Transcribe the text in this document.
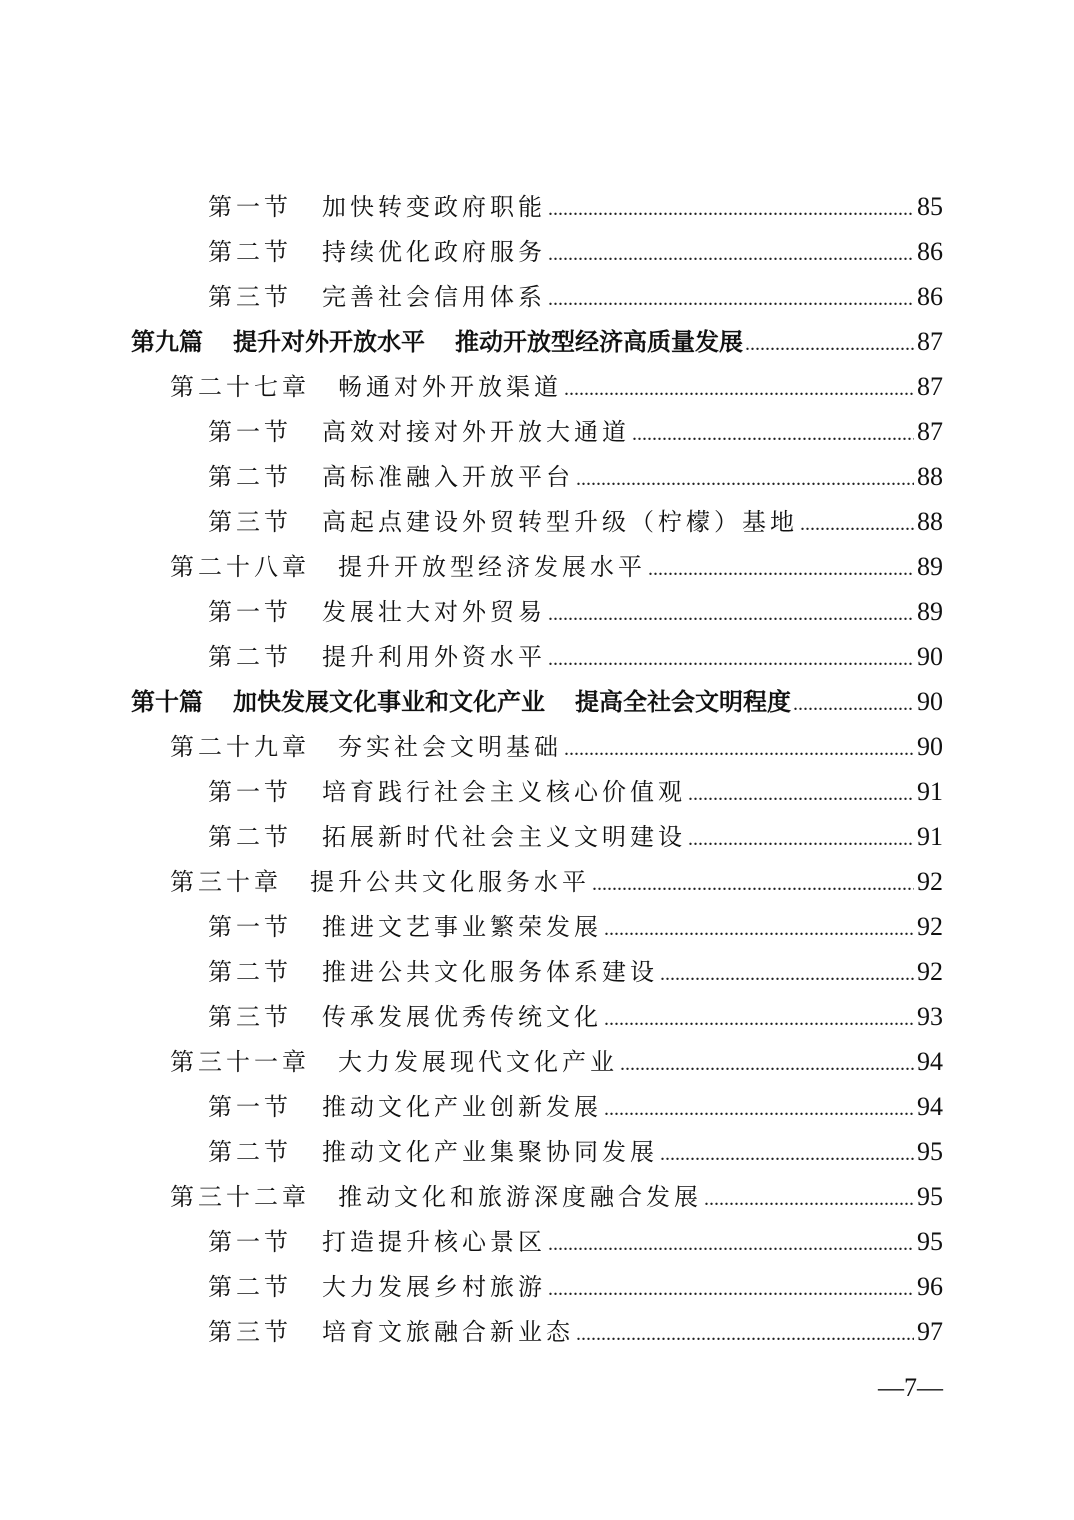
第一节 加快转变政府职能 .....	85
第二节 持续优化政府服务 .....	86
第三节 完善社会信用体系 .....	86
第九篇 提升对外开放水平 推动开放型经济高质量发展 .....	87
第二十七章 畅通对外开放渠道 .....	87
第一节 高效对接对外开放大通道 .....	87
第二节 高标准融入开放平台 .....	88
第三节 高起点建设外贸转型升级（柠檬）基地 .....	88
第二十八章 提升开放型经济发展水平 .....	89
第一节 发展壮大对外贸易 .....	89
第二节 提升利用外资水平 .....	90
第十篇 加快发展文化事业和文化产业 提高全社会文明程度 .....	90
第二十九章 夯实社会文明基础 .....	90
第一节 培育践行社会主义核心价值观 .....	91
第二节 拓展新时代社会主义文明建设 .....	91
第三十章 提升公共文化服务水平 .....	92
第一节 推进文艺事业繁荣发展 .....	92
第二节 推进公共文化服务体系建设 .....	92
第三节 传承发展优秀传统文化 .....	93
第三十一章 大力发展现代文化产业 .....	94
第一节 推动文化产业创新发展 .....	94
第二节 推动文化产业集聚协同发展 .....	95
第三十二章 推动文化和旅游深度融合发展 .....	95
第一节 打造提升核心景区 .....	95
第二节 大力发展乡村旅游 .....	96
第三节 培育文旅融合新业态 .....	97
—7—
